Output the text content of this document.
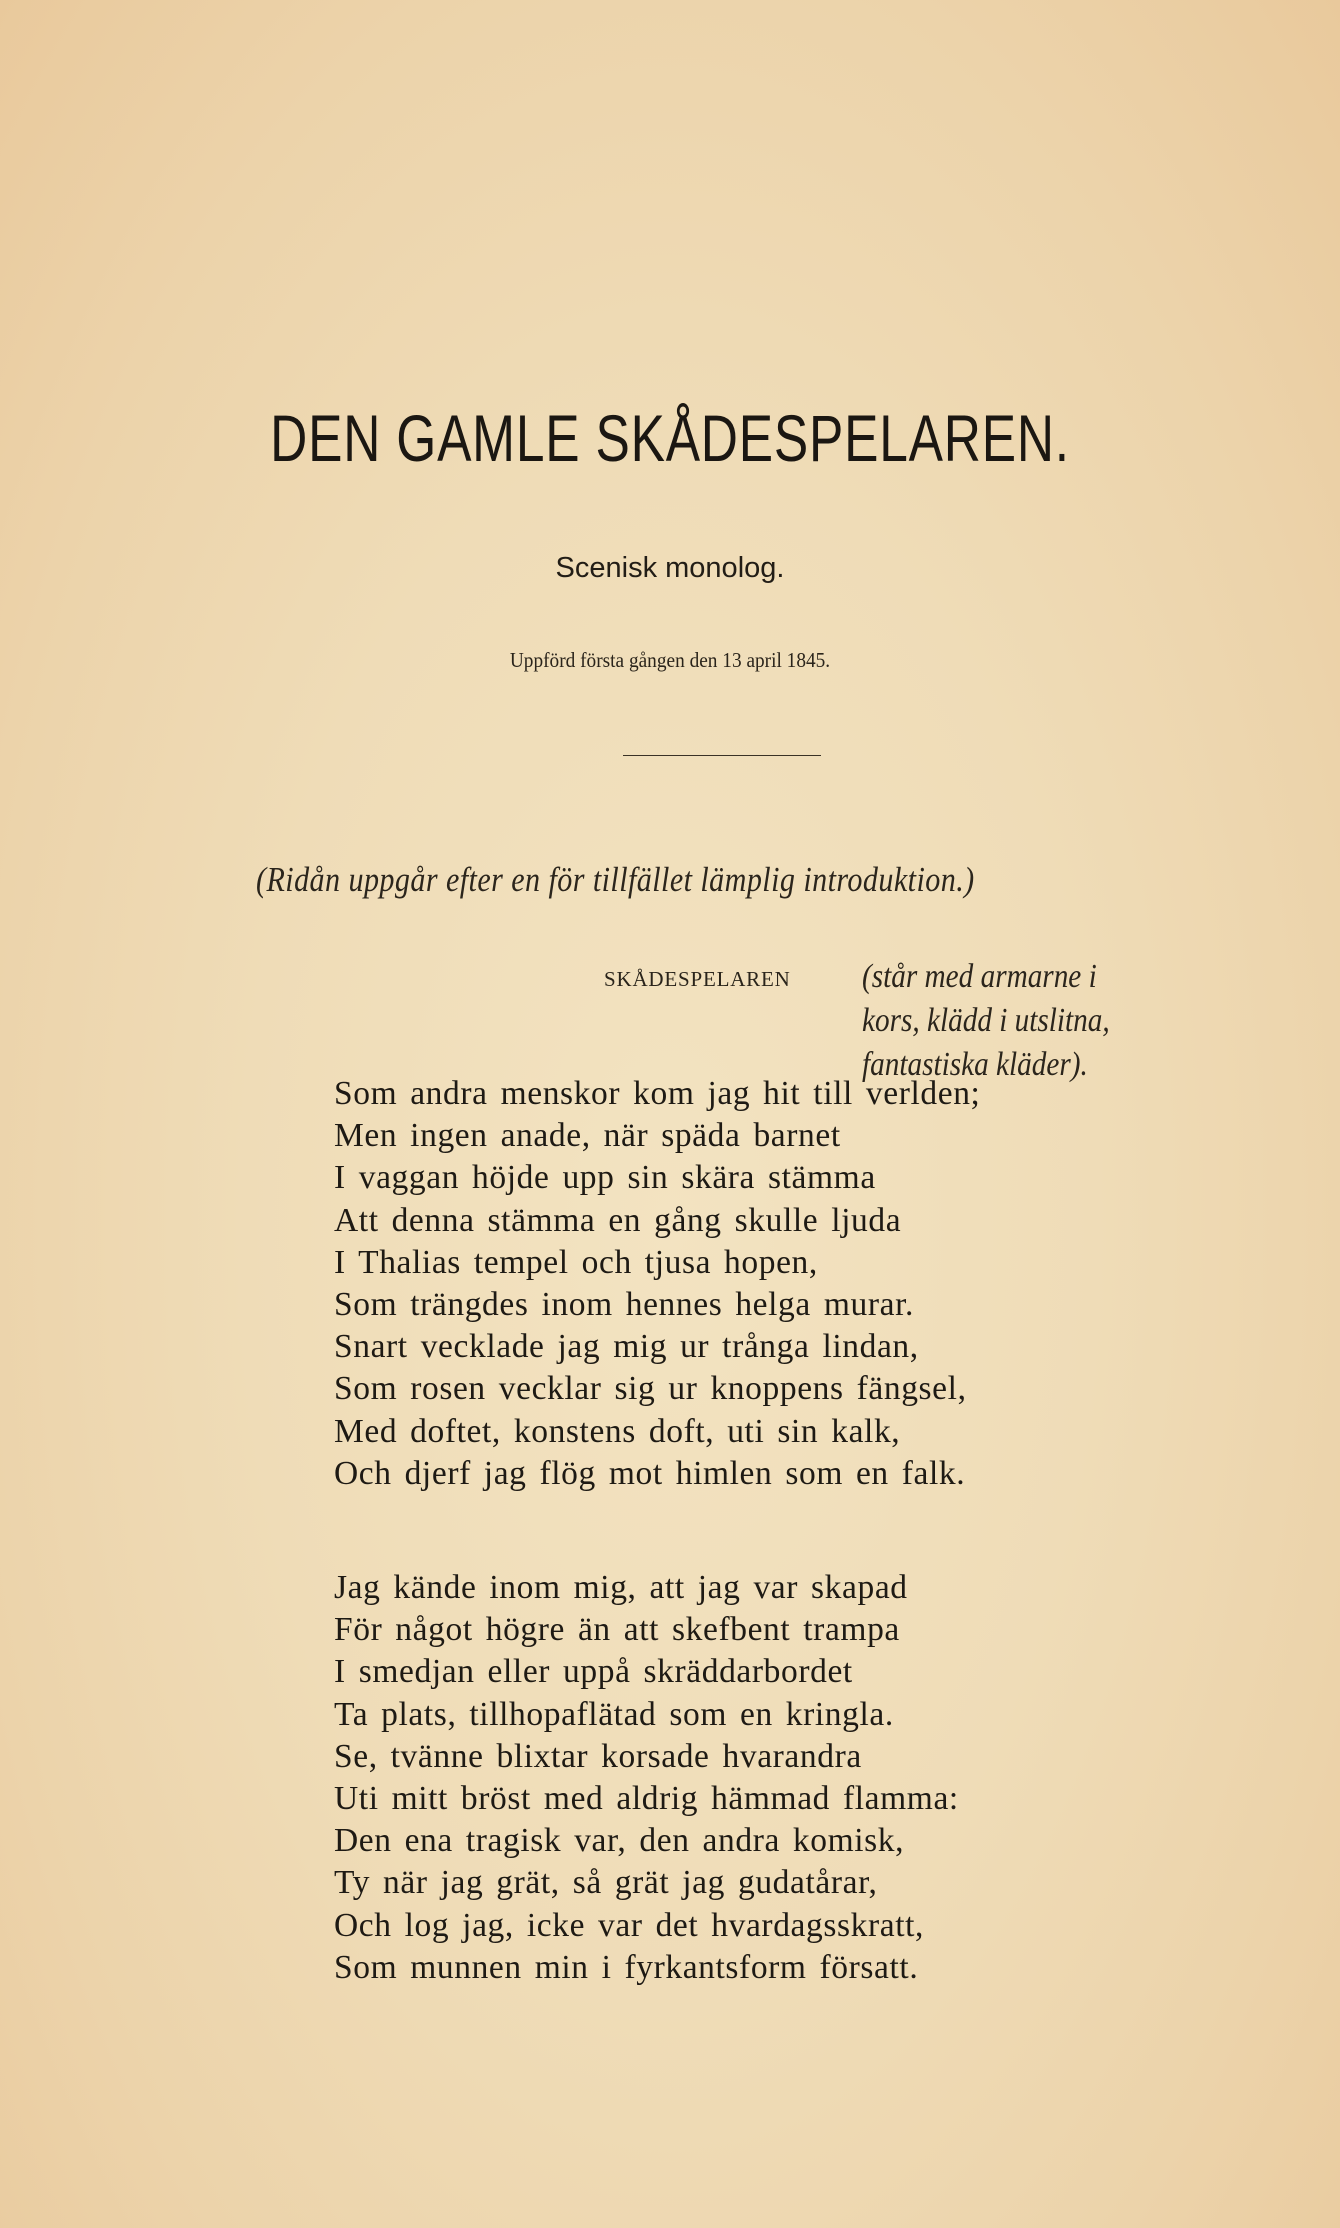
DEN GAMLE SKÅDESPELAREN.
Scenisk monolog.
Uppförd första gången den 13 april 1845.
(Ridån uppgår efter en för tillfället lämplig introduktion.)
SKÅDESPELAREN (står med armarne i
kors, klädd i utslitna,
fantastiska kläder).
Som andra menskor kom jag hit till verlden;
Men ingen anade, när späda barnet
I vaggan höjde upp sin skära stämma
Att denna stämma en gång skulle ljuda
I Thalias tempel och tjusa hopen,
Som trängdes inom hennes helga murar.
Snart vecklade jag mig ur trånga lindan,
Som rosen vecklar sig ur knoppens fängsel,
Med doftet, konstens doft, uti sin kalk,
Och djerf jag flög mot himlen som en falk.
Jag kände inom mig, att jag var skapad
För något högre än att skefbent trampa
I smedjan eller uppå skräddarbordet
Ta plats, tillhopaflätad som en kringla.
Se, tvänne blixtar korsade hvarandra
Uti mitt bröst med aldrig hämmad flamma:
Den ena tragisk var, den andra komisk,
Ty när jag grät, så grät jag gudatårar,
Och log jag, icke var det hvardagsskratt,
Som munnen min i fyrkantsform försatt.
